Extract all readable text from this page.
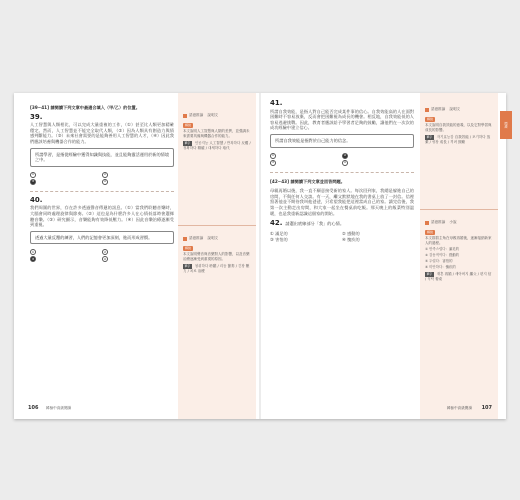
[39~41] 請閱讀下列文章中最適合填入（甲/乙）的位置。

39.

人工智慧與人類相比，可以完成大量重複的工作，（①）甚至比人類更加精確穩定。然而，人工智慧並不能完全取代人類，（②）因為人類具有創造力與情感判斷能力。（③）未來社會需要的是能夠善用人工智慧的人才，（④）因此我們應該培養與機器合作的能力。

所謂學習，是指從經驗中獲得知識與技能，並且能夠靈活運用於新的情境之中。
①	②
③	④
40.

我們周圍的世界，存在許多透過聲音傳遞的訊息。（①）當我們聆聽音樂時，大腦會同時處理旋律與節奏。（②）這也是為什麼許多人在心情低落時會選擇聽音樂。（③）研究顯示，音樂能夠有效降低壓力。（④）因此音樂治療逐漸受到重視。

透過大量反覆的練習，人們的記憶會更加深刻，進而形成習慣。
①	②
③	④
語意推論 說明文
解說
本文說明人工智慧與人類的差異，並強調未來需要具備與機器合作的能力。
單字 인공지능 人工智慧 / 반복하다 反覆 / 정확하다 精確 / 대체하다 取代
語意推論 說明文
解說
本文說明聲音與音樂對人的影響，以及音樂治療逐漸受到重視的原因。
單字 청취하다 聆聽 / 리듬 節奏 / 긴장 壓力 / 치료 治療
106 韓檢中高級閱讀
41.

所謂自我效能，是指人對自己能否完成某件事的信心。自我效能高的人在面對困難時不容易放棄，反而會把困難視為成長的機會。相反地，自我效能低的人容易逃避挑戰。因此，教育者應該給予學習者足夠的鼓勵，讓他們在一次次的成功經驗中建立信心。

所謂自我效能是指對於自己能力的信念。
①	②
③	④

[42~43] 請閱讀下列文章並回答問題。

母親再婚以後，我一直不願意接受新的家人。每次回到家，我總是躲進自己的房間，不與任何人交談。有一天，繼父默默地在我的書桌上放了一封信。信裡寫著他並不期待我叫他爸爸，只希望我能把這裡當成自己的家。讀完信後，我第一次主動走出房間，和大家一起坐在餐桌前吃飯。那天晚上的飯菜特別溫暖，也是我重新認識這個家的開始。

42. 請選出底線部分「我」的心情。
① 滿足的	② 感動的
③ 害怕的	④ 愧疚的
語意推論 說明文
解說
本文說明自我效能的意義，以及它對學習與成長的影響。
單字 자기효능감 自我效能 / 포기하다 放棄 / 성장 成長 / 격려 鼓勵
語意推論 小說
解說
本文描寫主角在母親再婚後，逐漸接納新家人的過程。
① 만족스럽다：滿足的
② 감동적이다：感動的
③ 두렵다：害怕的
④ 미안하다：愧疚的
單字 재혼 再婚 / 새아버지 繼父 / 편지 信 / 식탁 餐桌
閱讀
韓檢中高級閱讀 107
